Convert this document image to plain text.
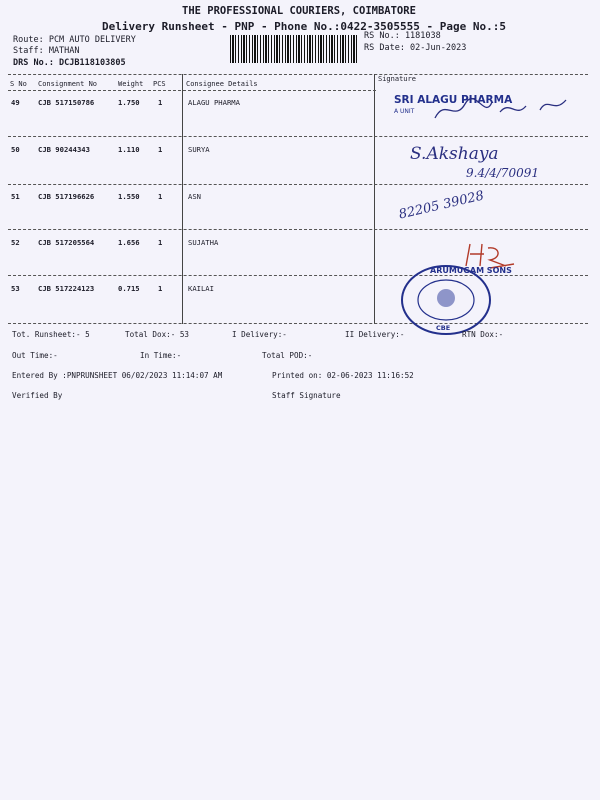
THE PROFESSIONAL COURIERS, COIMBATORE
Delivery Runsheet - PNP - Phone No.:0422-3505555 - Page No.:5
Route: PCM AUTO DELIVERY
Staff: MATHAN
DRS No.: DCJB118103805
RS No.: 1181038
RS Date: 02-Jun-2023
S No Consignment No	Weight PCS	Consignee Details
Signature
49	CJB 517150786	1.750	1	ALAGU PHARMA
50	CJB 90244343	1.110	1	SURYA
51	CJB 517196626	1.550	1	ASN
52	CJB 517205564	1.656	1	SUJATHA
53	CJB 517224123	0.715	1	KAILAI
SRI ALAGU PHARMA
A UNIT
S.Akshaya
9.4/4/70091
82205 39028
ARUMUGAM SONS
CBE
Tot. Runsheet:- 5	Total Dox:- 53	I Delivery:-	II Delivery:-	RTN Dox:-
Out Time:-	In Time:-	Total POD:-
Entered By :PNPRUNSHEET 06/02/2023 11:14:07 AM	Printed on: 02-06-2023 11:16:52
Verified By	Staff Signature
